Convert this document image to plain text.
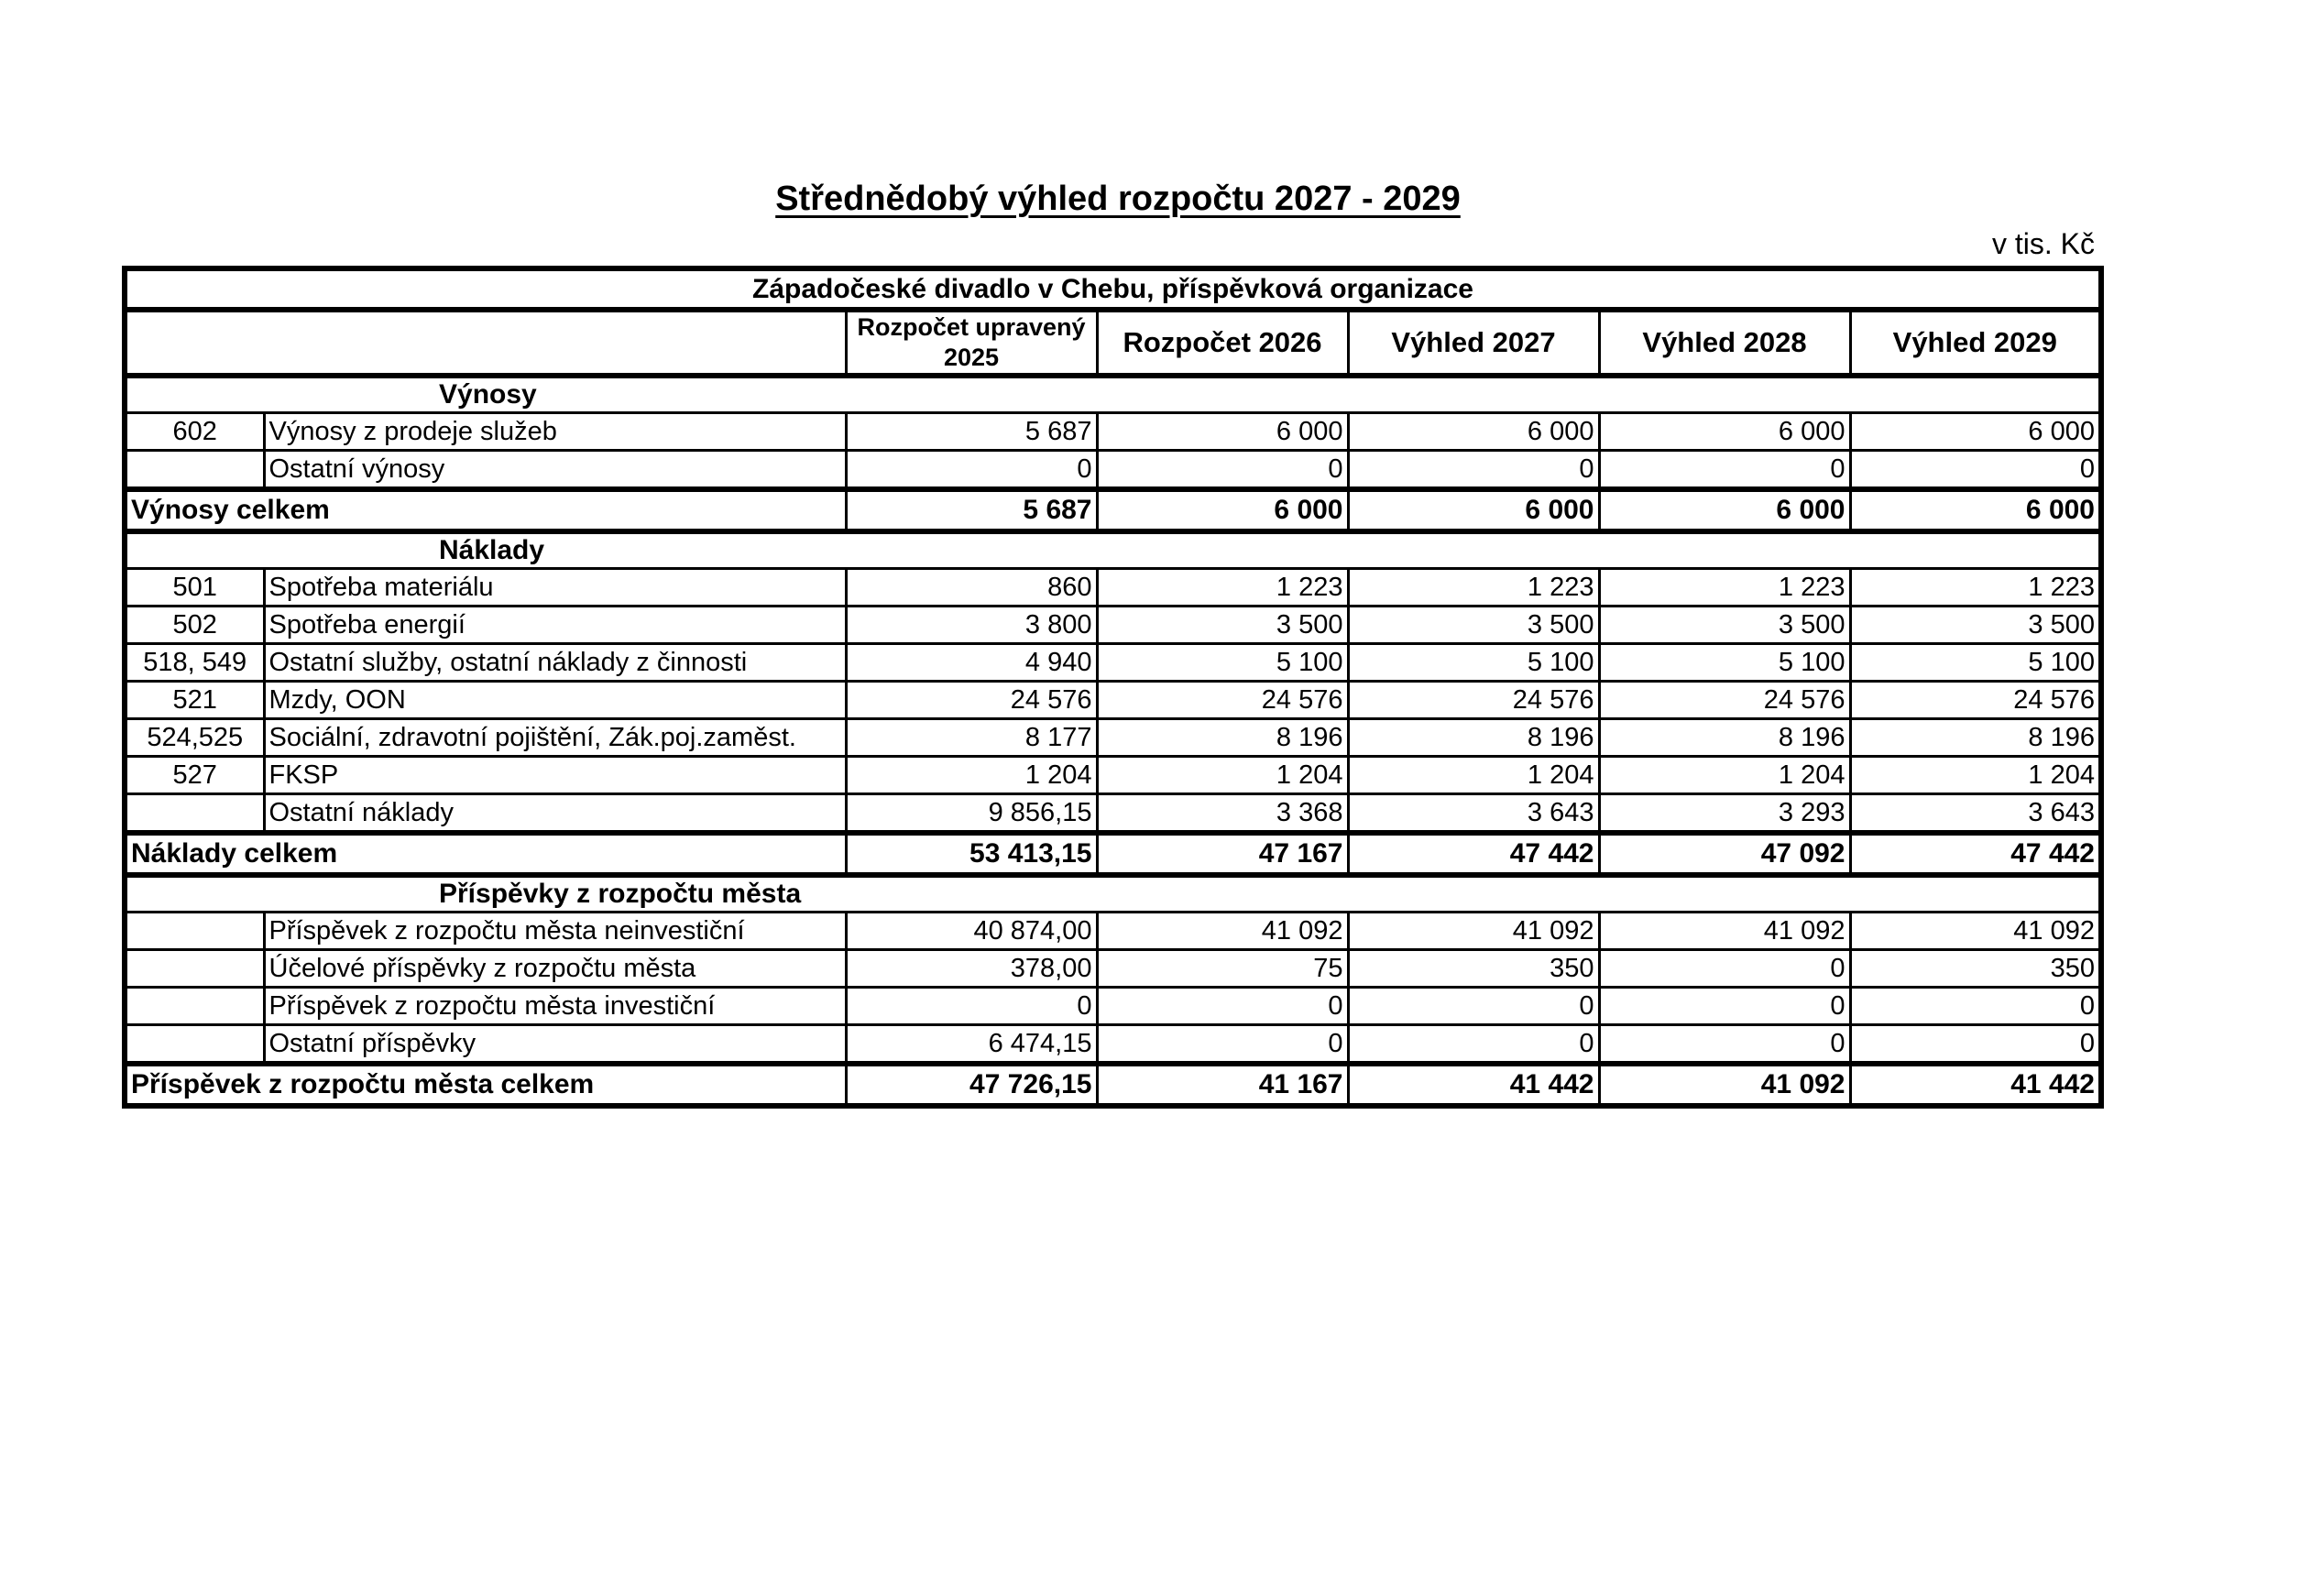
Střednědobý výhled rozpočtu 2027 - 2029
v tis. Kč
Západočeské divadlo v Chebu, příspěvková organizace						
		Rozpočet upravený 2025	Rozpočet 2026	Výhled 2027	Výhled 2028	Výhled 2029
Výnosy						
602	Výnosy z prodeje služeb	5 687	6 000	6 000	6 000	6 000
	Ostatní výnosy	0	0	0	0	0
Výnosy celkem		5 687	6 000	6 000	6 000	6 000
Náklady						
501	Spotřeba materiálu	860	1 223	1 223	1 223	1 223
502	Spotřeba energií	3 800	3 500	3 500	3 500	3 500
518, 549	Ostatní služby, ostatní náklady z činnosti	4 940	5 100	5 100	5 100	5 100
521	Mzdy, OON	24 576	24 576	24 576	24 576	24 576
524,525	Sociální, zdravotní pojištění, Zák.poj.zaměst.	8 177	8 196	8 196	8 196	8 196
527	FKSP	1 204	1 204	1 204	1 204	1 204
	Ostatní náklady	9 856,15	3 368	3 643	3 293	3 643
Náklady celkem		53 413,15	47 167	47 442	47 092	47 442
Příspěvky z rozpočtu města						
	Příspěvek z rozpočtu města neinvestiční	40 874,00	41 092	41 092	41 092	41 092
	Účelové příspěvky z rozpočtu města	378,00	75	350	0	350
	Příspěvek z rozpočtu města investiční	0	0	0	0	0
	Ostatní příspěvky	6 474,15	0	0	0	0
Příspěvek z rozpočtu města celkem		47 726,15	41 167	41 442	41 092	41 442
